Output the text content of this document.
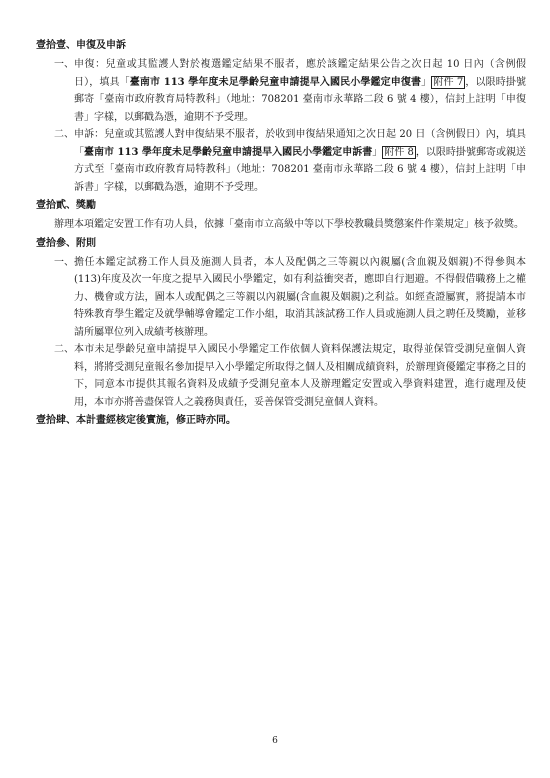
壹拾壹、申復及申訴
一、 申復：兒童或其監護人對於複選鑑定結果不服者，應於該鑑定結果公告之次日起 10 日內（含例假日），填具「臺南市 113 學年度未足學齡兒童申請提早入國民小學鑑定申復書」 附件 7 ，以限時掛號郵寄「臺南市政府教育局特教科」（地址：708201 臺南市永華路二段 6 號 4 樓），信封上註明「申復書」字樣，以郵戳為憑，逾期不予受理。
二、 申訴：兒童或其監護人對申復結果不服者，於收到申復結果通知之次日起 20 日（含例假日）內，填具「臺南市 113 學年度未足學齡兒童申請提早入國民小學鑑定申訴書」 附件 8 ，以限時掛號郵寄或親送方式至「臺南市政府教育局特教科」（地址：708201 臺南市永華路二段 6 號 4 樓），信封上註明「申訴書」字樣，以郵戳為憑，逾期不予受理。
壹拾貳、獎勵
辦理本項鑑定安置工作有功人員，依據「臺南市立高級中等以下學校教職員獎懲案件作業規定」核予敘獎。
壹拾參、附則
一、 擔任本鑑定試務工作人員及施測人員者，本人及配偶之三等親以內親屬(含血親及姻親)不得參與本(113)年度及次一年度之提早入國民小學鑑定，如有利益衝突者，應即自行迴避。不得假借職務上之權力、機會或方法，圖本人或配偶之三等親以內親屬(含血親及姻親)之利益。如經查證屬實，將提請本市特殊教育學生鑑定及就學輔導會鑑定工作小組，取消其該試務工作人員或施測人員之聘任及獎勵，並移請所屬單位列入成績考核辦理。
二、 本市未足學齡兒童申請提早入國民小學鑑定工作依個人資料保護法規定，取得並保管受測兒童個人資料，將將受測兒童報名參加提早入小學鑑定所取得之個人及相關成績資料，於辦理資優鑑定事務之目的下，同意本市提供其報名資料及成績予受測兒童本人及辦理鑑定安置或入學資料建置，進行處理及使用，本市亦將善盡保管人之義務與責任，妥善保管受測兒童個人資料。
壹拾肆、本計畫經核定後實施，修正時亦同。
6
